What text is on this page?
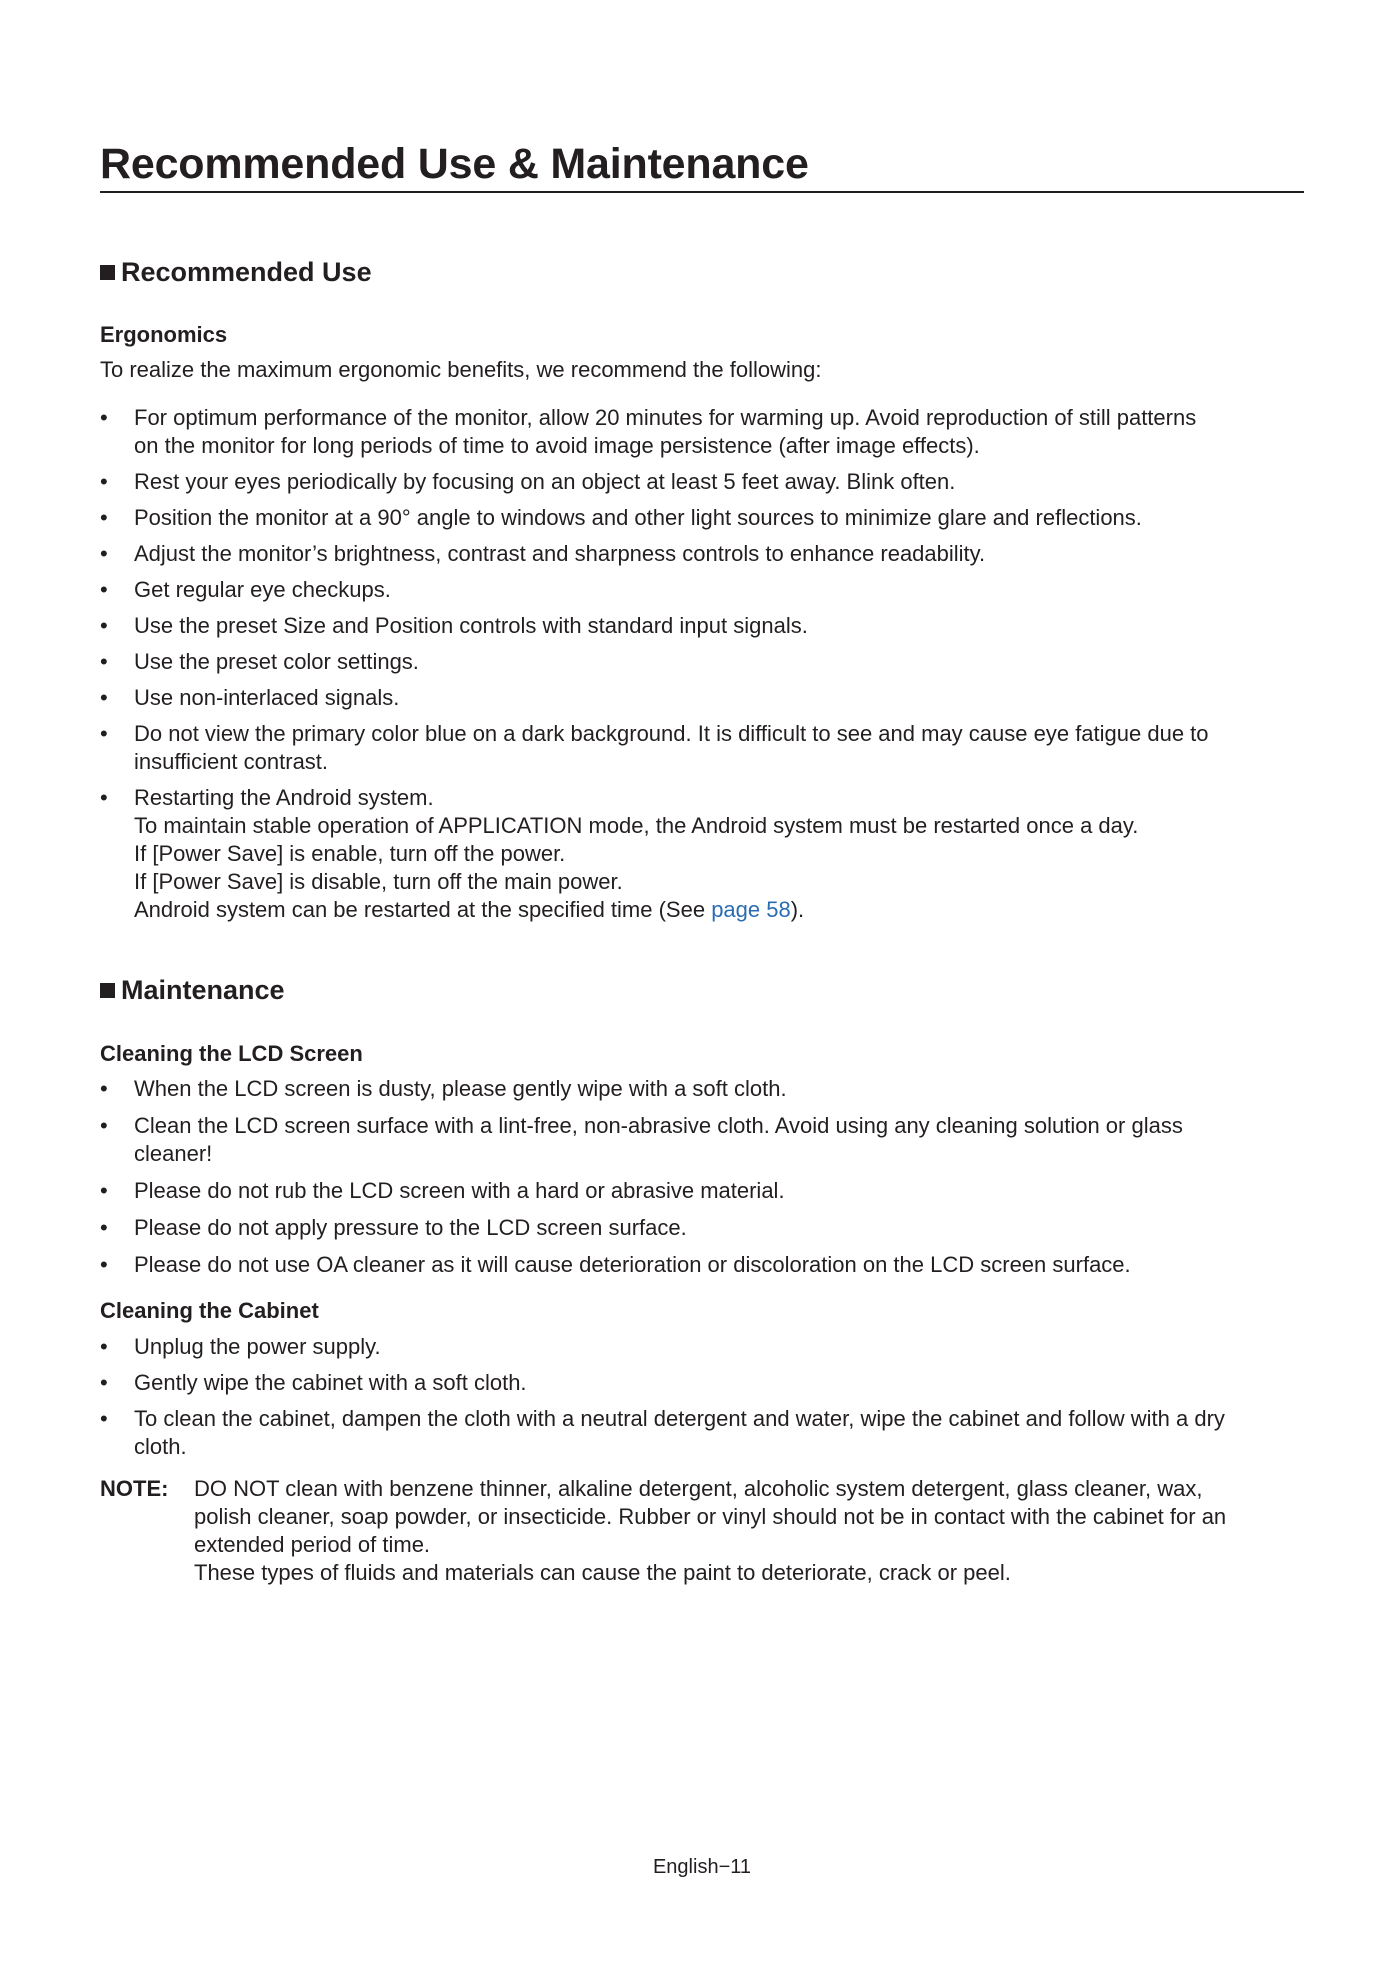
Recommended Use & Maintenance
Recommended Use
Ergonomics

To realize the maximum ergonomic benefits, we recommend the following:

• For optimum performance of the monitor, allow 20 minutes for warming up. Avoid reproduction of still patterns
on the monitor for long periods of time to avoid image persistence (after image effects).
• Rest your eyes periodically by focusing on an object at least 5 feet away. Blink often.
• Position the monitor at a 90° angle to windows and other light sources to minimize glare and reflections.
• Adjust the monitor’s brightness, contrast and sharpness controls to enhance readability.
• Get regular eye checkups.
• Use the preset Size and Position controls with standard input signals.
• Use the preset color settings.
• Use non-interlaced signals.
• Do not view the primary color blue on a dark background. It is difficult to see and may cause eye fatigue due to
insufficient contrast.
• Restarting the Android system.
To maintain stable operation of APPLICATION mode, the Android system must be restarted once a day.
If [Power Save] is enable, turn off the power.
If [Power Save] is disable, turn off the main power.
Android system can be restarted at the specified time (See page 58).
Maintenance
Cleaning the LCD Screen
• When the LCD screen is dusty, please gently wipe with a soft cloth.
• Clean the LCD screen surface with a lint-free, non-abrasive cloth. Avoid using any cleaning solution or glass
cleaner!
• Please do not rub the LCD screen with a hard or abrasive material.
• Please do not apply pressure to the LCD screen surface.
• Please do not use OA cleaner as it will cause deterioration or discoloration on the LCD screen surface.
Cleaning the Cabinet
• Unplug the power supply.
• Gently wipe the cabinet with a soft cloth.
• To clean the cabinet, dampen the cloth with a neutral detergent and water, wipe the cabinet and follow with a dry
cloth.
NOTE: DO NOT clean with benzene thinner, alkaline detergent, alcoholic system detergent, glass cleaner, wax,
polish cleaner, soap powder, or insecticide. Rubber or vinyl should not be in contact with the cabinet for an
extended period of time.
These types of fluids and materials can cause the paint to deteriorate, crack or peel.
English−11
